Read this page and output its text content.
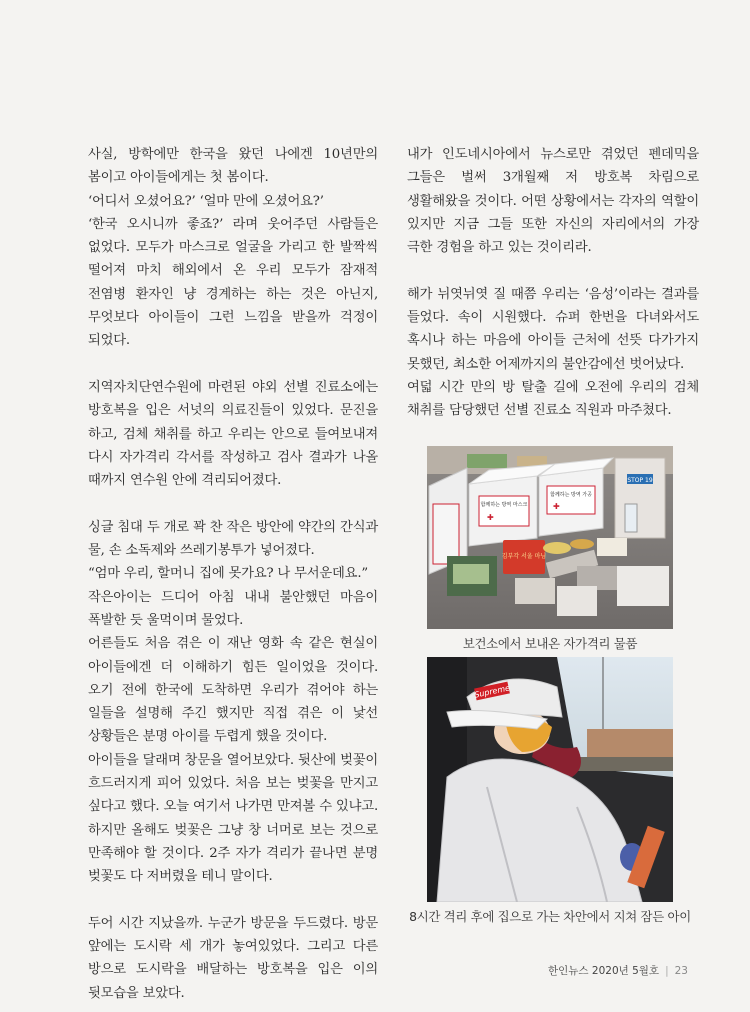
사실, 방학에만 한국을 왔던 나에겐 10년만의 봄이고 아이들에게는 첫 봄이다.

‘어디서 오셨어요?’ ‘얼마 만에 오셨어요?’

‘한국 오시니까 좋죠?’ 라며 웃어주던 사람들은 없었다. 모두가 마스크로 얼굴을 가리고 한 발짝씩 떨어져 마치 해외에서 온 우리 모두가 잠재적 전염병 환자인 냥 경계하는 하는 것은 아닌지, 무엇보다 아이들이 그런 느낌을 받을까 걱정이 되었다.

지역자치단연수원에 마련된 야외 선별 진료소에는 방호복을 입은 서넛의 의료진들이 있었다. 문진을 하고, 검체 채취를 하고 우리는 안으로 들여보내져 다시 자가격리 각서를 작성하고 검사 결과가 나올 때까지 연수원 안에 격리되어졌다.

싱글 침대 두 개로 꽉 찬 작은 방안에 약간의 간식과 물, 손 소독제와 쓰레기봉투가 넣어졌다.

“엄마 우리, 할머니 집에 못가요? 나 무서운데요.”

작은아이는 드디어 아침 내내 불안했던 마음이 폭발한 듯 울먹이며 물었다.

어른들도 처음 겪은 이 재난 영화 속 같은 현실이 아이들에겐 더 이해하기 힘든 일이었을 것이다. 오기 전에 한국에 도착하면 우리가 겪어야 하는 일들을 설명해 주긴 했지만 직접 겪은 이 낯선 상황들은 분명 아이를 두렵게 했을 것이다.

아이들을 달래며 창문을 열어보았다. 뒷산에 벚꽃이 흐드러지게 피어 있었다. 처음 보는 벚꽃을 만지고 싶다고 했다. 오늘 여기서 나가면 만져볼 수 있냐고. 하지만 올해도 벚꽃은 그냥 창 너머로 보는 것으로 만족해야 할 것이다. 2주 자가 격리가 끝나면 분명 벚꽃도 다 저버렸을 테니 말이다.

두어 시간 지났을까. 누군가 방문을 두드렸다. 방문 앞에는 도시락 세 개가 놓여있었다. 그리고 다른 방으로 도시락을 배달하는 방호복을 입은 이의 뒷모습을 보았다.

내가 인도네시아에서 뉴스로만 겪었던 펜데믹을 그들은 벌써 3개월째 저 방호복 차림으로 생활해왔을 것이다. 어떤 상황에서는 각자의 역할이 있지만 지금 그들 또한 자신의 자리에서의 가장 극한 경험을 하고 있는 것이리라.

해가 뉘엿뉘엿 질 때쯤 우리는 ‘음성’이라는 결과를 들었다. 속이 시원했다. 슈퍼 한번을 다녀와서도 혹시나 하는 마음에 아이들 근처에 선뜻 다가가지 못했던, 최소한 어제까지의 불안감에선 벗어났다.

여덟 시간 만의 방 탈출 길에 오전에 우리의 검체 채취를 담당했던 선별 진료소 직원과 마주쳤다.

함께하는 방역 마스크
✚
함께하는 방역 가공
✚
STOP 19
김부각 서울 마님
보건소에서 보내온 자가격리 물품
Supreme
8시간 격리 후에 집으로 가는 차안에서 지쳐 잠든 아이
한인뉴스 2020년 5월호 | 23
